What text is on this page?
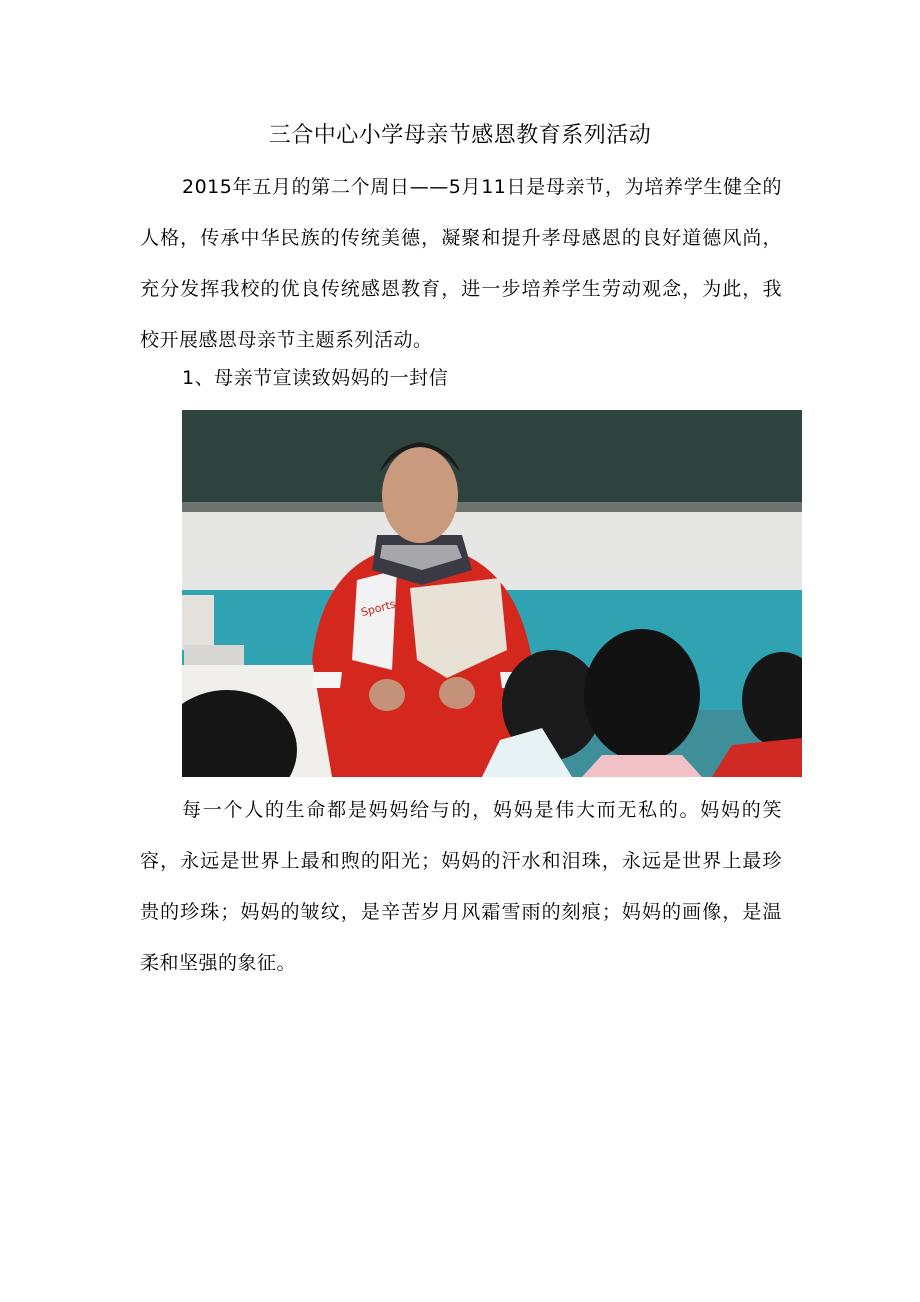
三合中心小学母亲节感恩教育系列活动
2015年五月的第二个周日——5月11日是母亲节，为培养学生健全的人格，传承中华民族的传统美德，凝聚和提升孝母感恩的良好道德风尚，充分发挥我校的优良传统感恩教育，进一步培养学生劳动观念，为此，我校开展感恩母亲节主题系列活动。
1、母亲节宣读致妈妈的一封信
Sports
每一个人的生命都是妈妈给与的，妈妈是伟大而无私的。妈妈的笑容，永远是世界上最和煦的阳光；妈妈的汗水和泪珠，永远是世界上最珍贵的珍珠；妈妈的皱纹，是辛苦岁月风霜雪雨的刻痕；妈妈的画像，是温柔和坚强的象征。
